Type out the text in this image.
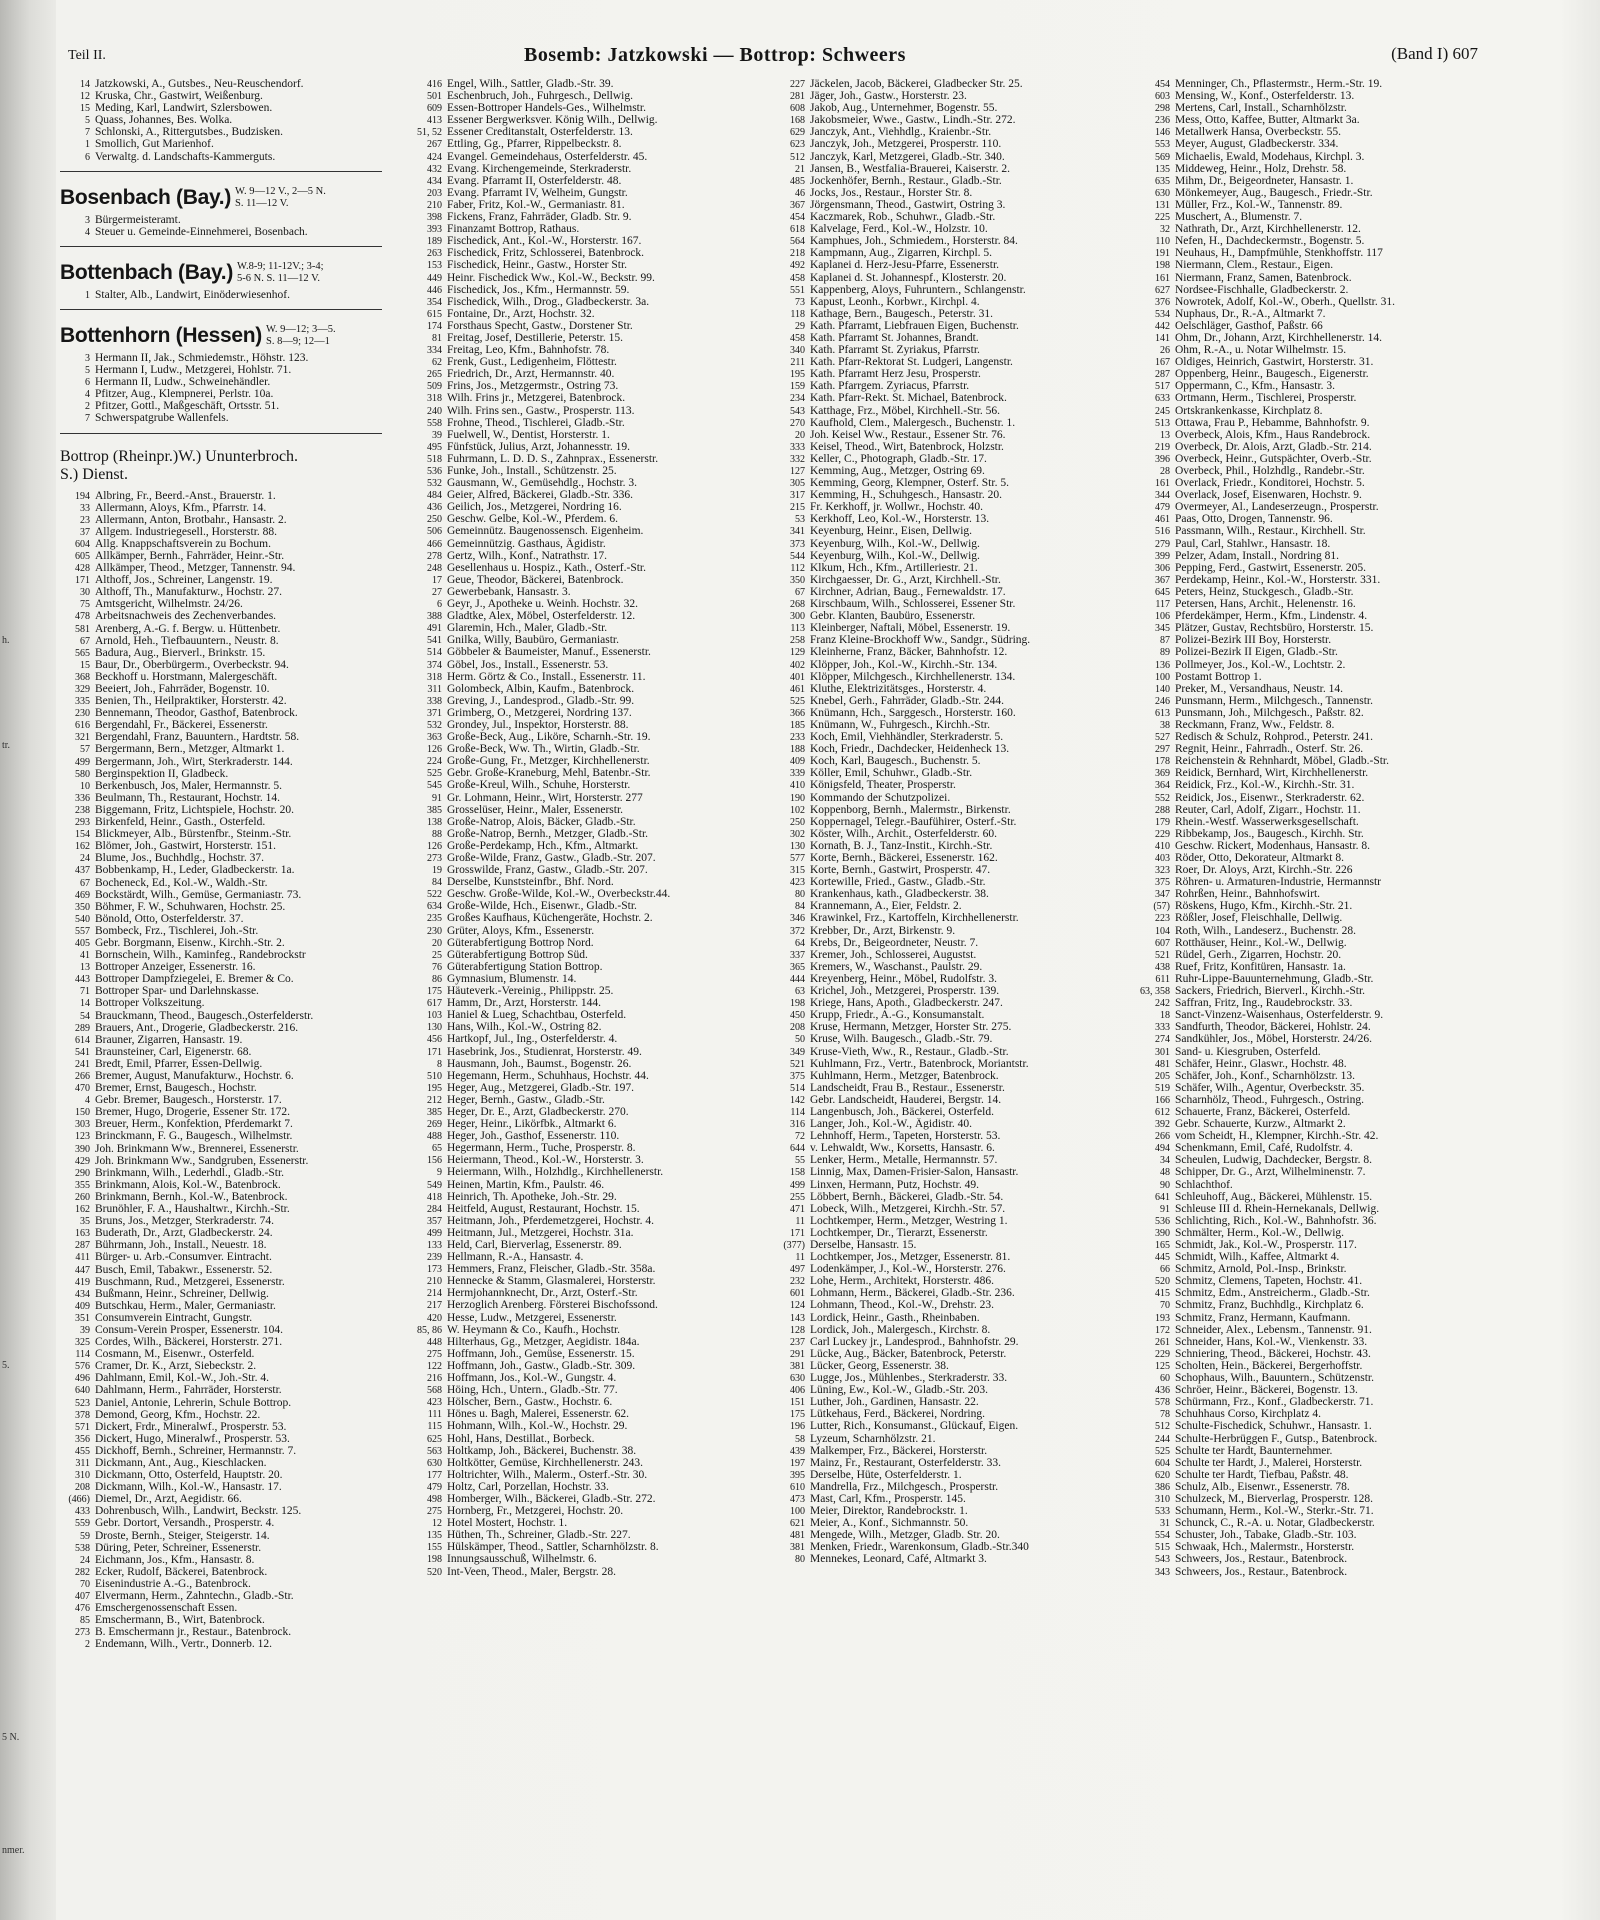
h.
tr.
5.
5 N.
nmer.
Teil II.	Bosemb: Jatzkowski — Bottrop: Schweers	(Band I) 607
14 Jatzkowski, A., Gutsbes., Neu-Reuschendorf.
12 Kruska, Chr., Gastwirt, Weißenburg.
15 Meding, Karl, Landwirt, Szlersbowen.
5 Quass, Johannes, Bes. Wolka.
7 Schlonski, A., Rittergutsbes., Budzisken.
1 Smollich, Gut Marienhof.
6 Verwaltg. d. Landschafts-Kammerguts.
Bosenbach (Bay.) W. 9—12 V., 2—5 N.
S. 11—12 V.
3 Bürgermeisteramt.
4 Steuer u. Gemeinde-Einnehmerei, Bosenbach.
Bottenbach (Bay.) W.8-9; 11-12V.; 3-4;
5-6 N. S. 11—12 V.
1 Stalter, Alb., Landwirt, Einöderwiesenhof.
Bottenhorn (Hessen) W. 9—12; 3—5.
S. 8—9; 12—1
3 Hermann II, Jak., Schmiedemstr., Höhstr. 123.
5 Hermann I, Ludw., Metzgerei, Hohlstr. 71.
6 Hermann II, Ludw., Schweinehändler.
4 Pfitzer, Aug., Klempnerei, Perlstr. 10a.
2 Pfitzer, Gottl., Maßgeschäft, Ortsstr. 51.
7 Schwerspatgrube Wallenfels.
Bottrop (Rheinpr.)W.) Ununterbroch.
S.) Dienst.
194 Albring, Fr., Beerd.-Anst., Brauerstr. 1.
33 Allermann, Aloys, Kfm., Pfarrstr. 14.
23 Allermann, Anton, Brotbahr., Hansastr. 2.
37 Allgem. Industriegesell., Horsterstr. 88.
604 Allg. Knappschaftsverein zu Bochum.
605 Allkämper, Bernh., Fahrräder, Heinr.-Str.
428 Allkämper, Theod., Metzger, Tannenstr. 94.
171 Althoff, Jos., Schreiner, Langenstr. 19.
30 Althoff, Th., Manufakturw., Hochstr. 27.
75 Amtsgericht, Wilhelmstr. 24/26.
478 Arbeitsnachweis des Zechenverbandes.
581 Arenberg, A.-G. f. Bergw. u. Hüttenbetr.
67 Arnold, Heh., Tiefbauuntern., Neustr. 8.
565 Badura, Aug., Bierverl., Brinkstr. 15.
15 Baur, Dr., Oberbürgerm., Overbeckstr. 94.
368 Beckhoff u. Horstmann, Malergeschäft.
329 Beeiert, Joh., Fahrräder, Bogenstr. 10.
335 Benien, Th., Heilpraktiker, Horsterstr. 42.
230 Bennemann, Theodor, Gasthof, Batenbrock.
616 Bergendahl, Fr., Bäckerei, Essenerstr.
321 Bergendahl, Franz, Bauuntern., Hardtstr. 58.
57 Bergermann, Bern., Metzger, Altmarkt 1.
499 Bergermann, Joh., Wirt, Sterkraderstr. 144.
580 Berginspektion II, Gladbeck.
10 Berkenbusch, Jos, Maler, Hermannstr. 5.
336 Beulmann, Th., Restaurant, Hochstr. 14.
238 Biggemann, Fritz, Lichtspiele, Hochstr. 20.
293 Birkenfeld, Heinr., Gasth., Osterfeld.
154 Blickmeyer, Alb., Bürstenfbr., Steinm.-Str.
162 Blömer, Joh., Gastwirt, Horsterstr. 151.
24 Blume, Jos., Buchhdlg., Hochstr. 37.
437 Bobbenkamp, H., Leder, Gladbeckerstr. 1a.
67 Bocheneck, Ed., Kol.-W., Waldh.-Str.
469 Bockstärdt, Wilh., Gemüse, Germaniastr. 73.
350 Böhmer, F. W., Schuhwaren, Hochstr. 25.
540 Bönold, Otto, Osterfelderstr. 37.
557 Bombeck, Frz., Tischlerei, Joh.-Str.
405 Gebr. Borgmann, Eisenw., Kirchh.-Str. 2.
41 Bornschein, Wilh., Kaminfeg., Randebrockstr
13 Bottroper Anzeiger, Essenerstr. 16.
443 Bottroper Dampfziegelei, E. Bremer & Co.
71 Bottroper Spar- und Darlehnskasse.
14 Bottroper Volkszeitung.
54 Brauckmann, Theod., Baugesch.,Osterfelderstr.
289 Brauers, Ant., Drogerie, Gladbeckerstr. 216.
614 Brauner, Zigarren, Hansastr. 19.
541 Braunsteiner, Carl, Eigenerstr. 68.
241 Bredt, Emil, Pfarrer, Essen-Dellwig.
266 Bremer, August, Manufakturw., Hochstr. 6.
470 Bremer, Ernst, Baugesch., Hochstr.
4 Gebr. Bremer, Baugesch., Horsterstr. 17.
150 Bremer, Hugo, Drogerie, Essener Str. 172.
303 Breuer, Herm., Konfektion, Pferdemarkt 7.
123 Brinckmann, F. G., Baugesch., Wilhelmstr.
390 Joh. Brinkmann Ww., Brennerei, Essenerstr.
429 Joh. Brinkmann Ww., Sandgruben, Essenerstr.
290 Brinkmann, Wilh., Lederhdl., Gladb.-Str.
355 Brinkmann, Alois, Kol.-W., Batenbrock.
260 Brinkmann, Bernh., Kol.-W., Batenbrock.
162 Brunöhler, F. A., Haushaltwr., Kirchh.-Str.
35 Bruns, Jos., Metzger, Sterkraderstr. 74.
163 Buderath, Dr., Arzt, Gladbeckerstr. 24.
287 Bührmann, Joh., Install., Neuestr. 18.
411 Bürger- u. Arb.-Consumver. Eintracht.
447 Busch, Emil, Tabakwr., Essenerstr. 52.
419 Buschmann, Rud., Metzgerei, Essenerstr.
434 Bußmann, Heinr., Schreiner, Dellwig.
409 Butschkau, Herm., Maler, Germaniastr.
351 Consumverein Eintracht, Gungstr.
39 Consum-Verein Prosper, Essenerstr. 104.
325 Cordes, Wilh., Bäckerei, Horsterstr. 271.
114 Cosmann, M., Eisenwr., Osterfeld.
576 Cramer, Dr. K., Arzt, Siebeckstr. 2.
496 Dahlmann, Emil, Kol.-W., Joh.-Str. 4.
640 Dahlmann, Herm., Fahrräder, Horsterstr.
523 Daniel, Antonie, Lehrerin, Schule Bottrop.
378 Demond, Georg, Kfm., Hochstr. 22.
571 Dickert, Frdr., Mineralwf., Prosperstr. 53.
356 Dickert, Hugo, Mineralwf., Prosperstr. 53.
455 Dickhoff, Bernh., Schreiner, Hermannstr. 7.
311 Dickmann, Ant., Aug., Kieschlacken.
310 Dickmann, Otto, Osterfeld, Hauptstr. 20.
208 Dickmann, Wilh., Kol.-W., Hansastr. 17.
(466) Diemel, Dr., Arzt, Aegidistr. 66.
433 Dohrenbusch, Wilh., Landwirt, Beckstr. 125.
559 Gebr. Dortort, Versandh., Prosperstr. 4.
59 Droste, Bernh., Steiger, Steigerstr. 14.
538 Düring, Peter, Schreiner, Essenerstr.
24 Eichmann, Jos., Kfm., Hansastr. 8.
282 Ecker, Rudolf, Bäckerei, Batenbrock.
70 Eisenindustrie A.-G., Batenbrock.
407 Elvermann, Herm., Zahntechn., Gladb.-Str.
476 Emschergenossenschaft Essen.
85 Emschermann, B., Wirt, Batenbrock.
273 B. Emschermann jr., Restaur., Batenbrock.
2 Endemann, Wilh., Vertr., Donnerb. 12.
416 Engel, Wilh., Sattler, Gladb.-Str. 39.
501 Eschenbruch, Joh., Fuhrgesch., Dellwig.
609 Essen-Bottroper Handels-Ges., Wilhelmstr.
413 Essener Bergwerksver. König Wilh., Dellwig.
51, 52 Essener Creditanstalt, Osterfelderstr. 13.
267 Ettling, Gg., Pfarrer, Rippelbeckstr. 8.
424 Evangel. Gemeindehaus, Osterfelderstr. 45.
432 Evang. Kirchengemeinde, Sterkraderstr.
434 Evang. Pfarramt II, Osterfelderstr. 48.
203 Evang. Pfarramt IV, Welheim, Gungstr.
210 Faber, Fritz, Kol.-W., Germaniastr. 81.
398 Fickens, Franz, Fahrräder, Gladb. Str. 9.
393 Finanzamt Bottrop, Rathaus.
189 Fischedick, Ant., Kol.-W., Horsterstr. 167.
263 Fischedick, Fritz, Schlosserei, Batenbrock.
153 Fischedick, Heinr., Gastw., Horster Str.
449 Heinr. Fischedick Ww., Kol.-W., Beckstr. 99.
446 Fischedick, Jos., Kfm., Hermannstr. 59.
354 Fischedick, Wilh., Drog., Gladbeckerstr. 3a.
615 Fontaine, Dr., Arzt, Hochstr. 32.
174 Forsthaus Specht, Gastw., Dorstener Str.
81 Freitag, Josef, Destillerie, Peterstr. 15.
334 Freitag, Leo, Kfm., Bahnhofstr. 78.
62 Frenk, Gust., Ledigenheim, Flöttestr.
265 Friedrich, Dr., Arzt, Hermannstr. 40.
509 Frins, Jos., Metzgermstr., Ostring 73.
318 Wilh. Frins jr., Metzgerei, Batenbrock.
240 Wilh. Frins sen., Gastw., Prosperstr. 113.
558 Frohne, Theod., Tischlerei, Gladb.-Str.
39 Fuelwell, W., Dentist, Horsterstr. 1.
495 Fünfstück, Julius, Arzt, Johannesstr. 19.
518 Fuhrmann, L. D. D. S., Zahnprax., Essenerstr.
536 Funke, Joh., Install., Schützenstr. 25.
532 Gausmann, W., Gemüsehdlg., Hochstr. 3.
484 Geier, Alfred, Bäckerei, Gladb.-Str. 336.
436 Geilich, Jos., Metzgerei, Nordring 16.
250 Geschw. Gelbe, Kol.-W., Pferdem. 6.
506 Gemeinnütz. Baugenossensch. Eigenheim.
466 Gemeinnützig. Gasthaus, Ägidistr.
278 Gertz, Wilh., Konf., Natrathstr. 17.
248 Gesellenhaus u. Hospiz., Kath., Osterf.-Str.
17 Geue, Theodor, Bäckerei, Batenbrock.
27 Gewerbebank, Hansastr. 3.
6 Geyr, J., Apotheke u. Weinh. Hochstr. 32.
388 Gladtke, Alex, Möbel, Osterfelderstr. 12.
491 Glaremin, Hch., Maler, Gladb.-Str.
541 Gnilka, Willy, Baubüro, Germaniastr.
514 Göbbeler & Baumeister, Manuf., Essenerstr.
374 Göbel, Jos., Install., Essenerstr. 53.
318 Herm. Görtz & Co., Install., Essenerstr. 11.
311 Golombeck, Albin, Kaufm., Batenbrock.
338 Greving, J., Landesprod., Gladb.-Str. 99.
371 Grimberg, O., Metzgerei, Nordring 137.
532 Grondey, Jul., Inspektor, Horsterstr. 88.
363 Große-Beck, Aug., Liköre, Scharnh.-Str. 19.
126 Große-Beck, Ww. Th., Wirtin, Gladb.-Str.
224 Große-Gung, Fr., Metzger, Kirchhellenerstr.
525 Gebr. Große-Kraneburg, Mehl, Batenbr.-Str.
545 Große-Kreul, Wilh., Schuhe, Horsterstr.
91 Gr. Lohmann, Heinr., Wirt, Horsterstr. 277
385 Grosselüser, Heinr., Maler, Essenerstr.
138 Große-Natrop, Alois, Bäcker, Gladb.-Str.
88 Große-Natrop, Bernh., Metzger, Gladb.-Str.
126 Große-Perdekamp, Hch., Kfm., Altmarkt.
273 Große-Wilde, Franz, Gastw., Gladb.-Str. 207.
19 Grosswilde, Franz, Gastw., Gladb.-Str. 207.
84 Derselbe, Kunststeinfbr., Bhf. Nord.
522 Geschw. Große-Wilde, Kol.-W., Overbeckstr.44.
634 Große-Wilde, Hch., Eisenwr., Gladb.-Str.
235 Großes Kaufhaus, Küchengeräte, Hochstr. 2.
230 Grüter, Aloys, Kfm., Essenerstr.
20 Güterabfertigung Bottrop Nord.
25 Güterabfertigung Bottrop Süd.
76 Güterabfertigung Station Bottrop.
86 Gymnasium, Blumenstr. 14.
175 Häuteverk.-Vereinig., Philippstr. 25.
617 Hamm, Dr., Arzt, Horsterstr. 144.
103 Haniel & Lueg, Schachtbau, Osterfeld.
130 Hans, Wilh., Kol.-W., Ostring 82.
456 Hartkopf, Jul., Ing., Osterfelderstr. 4.
171 Hasebrink, Jos., Studienrat, Horsterstr. 49.
8 Hausmann, Joh., Baumst., Bogenstr. 26.
510 Hegemann, Herm., Schuhhaus, Hochstr. 44.
195 Heger, Aug., Metzgerei, Gladb.-Str. 197.
212 Heger, Bernh., Gastw., Gladb.-Str.
385 Heger, Dr. E., Arzt, Gladbeckerstr. 270.
269 Heger, Heinr., Likörfbk., Altmarkt 6.
488 Heger, Joh., Gasthof, Essenerstr. 110.
65 Hegermann, Herm., Tuche, Prosperstr. 8.
156 Heiermann, Theod., Kol.-W., Horsterstr. 3.
9 Heiermann, Wilh., Holzhdlg., Kirchhellenerstr.
549 Heinen, Martin, Kfm., Paulstr. 46.
418 Heinrich, Th. Apotheke, Joh.-Str. 29.
284 Heitfeld, August, Restaurant, Hochstr. 15.
357 Heitmann, Joh., Pferdemetzgerei, Hochstr. 4.
499 Heitmann, Jul., Metzgerei, Hochstr. 31a.
133 Held, Carl, Bierverlag, Essenerstr. 89.
239 Hellmann, R.-A., Hansastr. 4.
173 Hemmers, Franz, Fleischer, Gladb.-Str. 358a.
210 Hennecke & Stamm, Glasmalerei, Horsterstr.
214 Hermjohannknecht, Dr., Arzt, Osterf.-Str.
217 Herzoglich Arenberg. Försterei Bischofssond.
420 Hesse, Ludw., Metzgerei, Essenerstr.
85, 86 W. Heymann & Co., Kaufh., Hochstr.
448 Hilterhaus, Gg., Metzger, Aegidistr. 184a.
275 Hoffmann, Joh., Gemüse, Essenerstr. 15.
122 Hoffmann, Joh., Gastw., Gladb.-Str. 309.
216 Hoffmann, Jos., Kol.-W., Gungstr. 4.
568 Höing, Hch., Untern., Gladb.-Str. 77.
423 Hölscher, Bern., Gastw., Hochstr. 6.
111 Hönes u. Bagh, Malerei, Essenerstr. 62.
115 Hohmann, Wilh., Kol.-W., Hochstr. 29.
625 Hohl, Hans, Destillat., Borbeck.
563 Holtkamp, Joh., Bäckerei, Buchenstr. 38.
630 Holtkötter, Gemüse, Kirchhellenerstr. 243.
177 Holtrichter, Wilh., Malerm., Osterf.-Str. 30.
479 Holtz, Carl, Porzellan, Hochstr. 33.
498 Homberger, Wilh., Bäckerei, Gladb.-Str. 272.
275 Hornberg, Fr., Metzgerei, Hochstr. 20.
12 Hotel Mostert, Hochstr. 1.
135 Hüthen, Th., Schreiner, Gladb.-Str. 227.
155 Hülskämper, Theod., Sattler, Scharnhölzstr. 8.
198 Innungsausschuß, Wilhelmstr. 6.
520 Int-Veen, Theod., Maler, Bergstr. 28.
227 Jäckelen, Jacob, Bäckerei, Gladbecker Str. 25.
281 Jäger, Joh., Gastw., Horsterstr. 23.
608 Jakob, Aug., Unternehmer, Bogenstr. 55.
168 Jakobsmeier, Wwe., Gastw., Lindh.-Str. 272.
629 Janczyk, Ant., Viehhdlg., Kraienbr.-Str.
623 Janczyk, Joh., Metzgerei, Prosperstr. 110.
512 Janczyk, Karl, Metzgerei, Gladb.-Str. 340.
21 Jansen, B., Westfalia-Brauerei, Kaiserstr. 2.
485 Jockenhöfer, Bernh., Restaur., Gladb.-Str.
46 Jocks, Jos., Restaur., Horster Str. 8.
367 Jörgensmann, Theod., Gastwirt, Ostring 3.
454 Kaczmarek, Rob., Schuhwr., Gladb.-Str.
618 Kalvelage, Ferd., Kol.-W., Holzstr. 10.
564 Kamphues, Joh., Schmiedem., Horsterstr. 84.
218 Kampmann, Aug., Zigarren, Kirchpl. 5.
492 Kaplanei d. Herz-Jesu-Pfarre, Essenerstr.
458 Kaplanei d. St. Johannespf., Klosterstr. 20.
551 Kappenberg, Aloys, Fuhruntern., Schlangenstr.
73 Kapust, Leonh., Korbwr., Kirchpl. 4.
118 Kathage, Bern., Baugesch., Peterstr. 31.
29 Kath. Pfarramt, Liebfrauen Eigen, Buchenstr.
458 Kath. Pfarramt St. Johannes, Brandt.
340 Kath. Pfarramt St. Zyriakus, Pfarrstr.
211 Kath. Pfarr-Rektorat St. Ludgeri, Langenstr.
195 Kath. Pfarramt Herz Jesu, Prosperstr.
159 Kath. Pfarrgem. Zyriacus, Pfarrstr.
234 Kath. Pfarr-Rekt. St. Michael, Batenbrock.
543 Katthage, Frz., Möbel, Kirchhell.-Str. 56.
270 Kaufhold, Clem., Malergesch., Buchenstr. 1.
20 Joh. Keisel Ww., Restaur., Essener Str. 76.
333 Keisel, Theod., Wirt, Batenbrock, Holzstr.
332 Keller, C., Photograph, Gladb.-Str. 17.
127 Kemming, Aug., Metzger, Ostring 69.
305 Kemming, Georg, Klempner, Osterf. Str. 5.
317 Kemming, H., Schuhgesch., Hansastr. 20.
215 Fr. Kerkhoff, jr. Wollwr., Hochstr. 40.
53 Kerkhoff, Leo, Kol.-W., Horsterstr. 13.
341 Keyenburg, Heinr., Eisen, Dellwig.
373 Keyenburg, Wilh., Kol.-W., Dellwig.
544 Keyenburg, Wilh., Kol.-W., Dellwig.
112 Klkum, Hch., Kfm., Artilleriestr. 21.
350 Kirchgaesser, Dr. G., Arzt, Kirchhell.-Str.
67 Kirchner, Adrian, Baug., Fernewaldstr. 17.
268 Kirschbaum, Wilh., Schlosserei, Essener Str.
300 Gebr. Klanten, Baubüro, Essenerstr.
113 Kleinberger, Naftali, Möbel, Essenerstr. 19.
258 Franz Kleine-Brockhoff Ww., Sandgr., Südring.
129 Kleinherne, Franz, Bäcker, Bahnhofstr. 12.
402 Klöpper, Joh., Kol.-W., Kirchh.-Str. 134.
401 Klöpper, Milchgesch., Kirchhellenerstr. 134.
461 Kluthe, Elektrizitätsges., Horsterstr. 4.
525 Knebel, Gerh., Fahrräder, Gladb.-Str. 244.
366 Knümann, Hch., Sarggesch., Horsterstr. 160.
185 Knümann, W., Fuhrgesch., Kirchh.-Str.
233 Koch, Emil, Viehhändler, Sterkraderstr. 5.
188 Koch, Friedr., Dachdecker, Heidenheck 13.
409 Koch, Karl, Baugesch., Buchenstr. 5.
339 Köller, Emil, Schuhwr., Gladb.-Str.
410 Königsfeld, Theater, Prosperstr.
190 Kommando der Schutzpolizei.
102 Koppenborg, Bernh., Malermstr., Birkenstr.
250 Koppernagel, Telegr.-Baufühirer, Osterf.-Str.
302 Köster, Wilh., Archit., Osterfelderstr. 60.
130 Kornath, B. J., Tanz-Instit., Kirchh.-Str.
577 Korte, Bernh., Bäckerei, Essenerstr. 162.
315 Korte, Bernh., Gastwirt, Prosperstr. 47.
423 Kortewille, Fried., Gastw., Gladb.-Str.
80 Krankenhaus, kath., Gladbeckerstr. 38.
84 Krannemann, A., Eier, Feldstr. 2.
346 Krawinkel, Frz., Kartoffeln, Kirchhellenerstr.
372 Krebber, Dr., Arzt, Birkenstr. 9.
64 Krebs, Dr., Beigeordneter, Neustr. 7.
337 Kremer, Joh., Schlosserei, Augustst.
365 Kremers, W., Waschanst., Paulstr. 29.
444 Kreyenberg, Heinr., Möbel, Rudolfstr. 3.
63 Krichel, Joh., Metzgerei, Prosperstr. 139.
198 Kriege, Hans, Apoth., Gladbeckerstr. 247.
450 Krupp, Friedr., A.-G., Konsumanstalt.
208 Kruse, Hermann, Metzger, Horster Str. 275.
50 Kruse, Wilh. Baugesch., Gladb.-Str. 79.
349 Kruse-Vieth, Ww., R., Restaur., Gladb.-Str.
521 Kuhlmann, Frz., Vertr., Batenbrock, Moriantstr.
375 Kuhlmann, Herm., Metzger, Batenbrock.
514 Landscheidt, Frau B., Restaur., Essenerstr.
142 Gebr. Landscheidt, Hauderei, Bergstr. 14.
114 Langenbusch, Joh., Bäckerei, Osterfeld.
316 Langer, Joh., Kol.-W., Ägidistr. 40.
72 Lehnhoff, Herm., Tapeten, Horsterstr. 53.
644 v. Lehwaldt, Ww., Korsetts, Hansastr. 6.
55 Lenker, Herm., Metalle, Hermannstr. 57.
158 Linnig, Max, Damen-Frisier-Salon, Hansastr.
499 Linxen, Hermann, Putz, Hochstr. 49.
255 Löbbert, Bernh., Bäckerei, Gladb.-Str. 54.
471 Lobeck, Wilh., Metzgerei, Kirchh.-Str. 57.
11 Lochtkemper, Herm., Metzger, Westring 1.
171 Lochtkemper, Dr., Tierarzt, Essenerstr.
(377) Derselbe, Hansastr. 15.
11 Lochtkemper, Jos., Metzger, Essenerstr. 81.
497 Lodenkämper, J., Kol.-W., Horsterstr. 276.
232 Lohe, Herm., Architekt, Horsterstr. 486.
601 Lohmann, Herm., Bäckerei, Gladb.-Str. 236.
124 Lohmann, Theod., Kol.-W., Drehstr. 23.
143 Lordick, Heinr., Gasth., Rheinbaben.
128 Lordick, Joh., Malergesch., Kirchstr. 8.
237 Carl Luckey jr., Landesprod., Bahnhofstr. 29.
291 Lücke, Aug., Bäcker, Batenbrock, Peterstr.
381 Lücker, Georg, Essenerstr. 38.
630 Lugge, Jos., Mühlenbes., Sterkraderstr. 33.
406 Lüning, Ew., Kol.-W., Gladb.-Str. 203.
151 Luther, Joh., Gardinen, Hansastr. 22.
175 Lütkehaus, Ferd., Bäckerei, Nordring.
196 Lutter, Rich., Konsumanst., Glückauf, Eigen.
58 Lyzeum, Scharnhölzstr. 21.
439 Malkemper, Frz., Bäckerei, Horsterstr.
197 Mainz, Fr., Restaurant, Osterfelderstr. 33.
395 Derselbe, Hüte, Osterfelderstr. 1.
610 Mandrella, Frz., Milchgesch., Prosperstr.
473 Mast, Carl, Kfm., Prosperstr. 145.
100 Meier, Direktor, Randebrockstr. 1.
621 Meier, A., Konf., Sichmannstr. 50.
481 Mengede, Wilh., Metzger, Gladb. Str. 20.
381 Menken, Friedr., Warenkonsum, Gladb.-Str.340
80 Mennekes, Leonard, Café, Altmarkt 3.
454 Menninger, Ch., Pflastermstr., Herm.-Str. 19.
603 Mensing, W., Konf., Osterfelderstr. 13.
298 Mertens, Carl, Install., Scharnhölzstr.
236 Mess, Otto, Kaffee, Butter, Altmarkt 3a.
146 Metallwerk Hansa, Overbeckstr. 55.
553 Meyer, August, Gladbeckerstr. 334.
569 Michaelis, Ewald, Modehaus, Kirchpl. 3.
135 Middeweg, Heinr., Holz, Drehstr. 58.
635 Mihm, Dr., Beigeordneter, Hansastr. 1.
630 Mönkemeyer, Aug., Baugesch., Friedr.-Str.
131 Müller, Frz., Kol.-W., Tannenstr. 89.
225 Muschert, A., Blumenstr. 7.
32 Nathrath, Dr., Arzt, Kirchhellenerstr. 12.
110 Nefen, H., Dachdeckermstr., Bogenstr. 5.
191 Neuhaus, H., Dampfmühle, Stenkhoffstr. 117
198 Niermann, Clem., Restaur., Eigen.
161 Niermann, Franz, Samen, Batenbrock.
627 Nordsee-Fischhalle, Gladbeckerstr. 2.
376 Nowrotek, Adolf, Kol.-W., Oberh., Quellstr. 31.
534 Nuphaus, Dr., R.-A., Altmarkt 7.
442 Oelschläger, Gasthof, Paßstr. 66
141 Ohm, Dr., Johann, Arzt, Kirchhellenerstr. 14.
26 Ohm, R.-A., u. Notar Wilhelmstr. 15.
167 Oldiges, Heinrich, Gastwirt, Horsterstr. 31.
287 Oppenberg, Heinr., Baugesch., Eigenerstr.
517 Oppermann, C., Kfm., Hansastr. 3.
633 Ortmann, Herm., Tischlerei, Prosperstr.
245 Ortskrankenkasse, Kirchplatz 8.
513 Ottawa, Frau P., Hebamme, Bahnhofstr. 9.
13 Overbeck, Alois, Kfm., Haus Randebrock.
219 Overbeck, Dr. Alois, Arzt, Gladb.-Str. 214.
396 Overbeck, Heinr., Gutspächter, Overb.-Str.
28 Overbeck, Phil., Holzhdlg., Randebr.-Str.
161 Overlack, Friedr., Konditorei, Hochstr. 5.
344 Overlack, Josef, Eisenwaren, Hochstr. 9.
479 Overmeyer, Al., Landeserzeugn., Prosperstr.
461 Paas, Otto, Drogen, Tannenstr. 96.
516 Passmann, Wilh., Restaur., Kirchhell. Str.
279 Paul, Carl, Stahlwr., Hansastr. 18.
399 Pelzer, Adam, Install., Nordring 81.
306 Pepping, Ferd., Gastwirt, Essenerstr. 205.
367 Perdekamp, Heinr., Kol.-W., Horsterstr. 331.
645 Peters, Heinz, Stuckgesch., Gladb.-Str.
117 Petersen, Hans, Archit., Helenenstr. 16.
106 Pferdekämper, Herm., Kfm., Lindenstr. 4.
345 Plätzer, Gustav, Rechtsbüro, Horsterstr. 15.
87 Polizei-Bezirk III Boy, Horsterstr.
89 Polizei-Bezirk II Eigen, Gladb.-Str.
136 Pollmeyer, Jos., Kol.-W., Lochtstr. 2.
100 Postamt Bottrop 1.
140 Preker, M., Versandhaus, Neustr. 14.
246 Punsmann, Herm., Milchgesch., Tannenstr.
613 Punsmann, Joh., Milchgesch., Paßstr. 82.
38 Reckmann, Franz, Ww., Feldstr. 8.
527 Redisch & Schulz, Rohprod., Peterstr. 241.
297 Regnit, Heinr., Fahrradh., Osterf. Str. 26.
178 Reichenstein & Rehnhardt, Möbel, Gladb.-Str.
369 Reidick, Bernhard, Wirt, Kirchhellenerstr.
364 Reidick, Frz., Kol.-W., Kirchh.-Str. 31.
552 Reidick, Jos., Eisenwr., Sterkraderstr. 62.
288 Reuter, Carl, Adolf, Zigarr., Hochstr. 11.
179 Rhein.-Westf. Wasserwerksgesellschaft.
229 Ribbekamp, Jos., Baugesch., Kirchh. Str.
410 Geschw. Rickert, Modenhaus, Hansastr. 8.
403 Röder, Otto, Dekorateur, Altmarkt 8.
323 Roer, Dr. Aloys, Arzt, Kirchh.-Str. 226
375 Röhren- u. Armaturen-Industrie, Hermannstr
347 Rohrßen, Heinr., Bahnhofswirt.
(57) Röskens, Hugo, Kfm., Kirchh.-Str. 21.
223 Rößler, Josef, Fleischhalle, Dellwig.
104 Roth, Wilh., Landeserz., Buchenstr. 28.
607 Rotthäuser, Heinr., Kol.-W., Dellwig.
521 Rüdel, Gerh., Zigarren, Hochstr. 20.
438 Ruef, Fritz, Konfitüren, Hansastr. 1a.
611 Ruhr-Lippe-Bauunternehmung, Gladb.-Str.
63, 358 Sackers, Friedrich, Bierverl., Kirchh.-Str.
242 Saffran, Fritz, Ing., Raudebrockstr. 33.
18 Sanct-Vinzenz-Waisenhaus, Osterfelderstr. 9.
333 Sandfurth, Theodor, Bäckerei, Hohlstr. 24.
274 Sandkühler, Jos., Möbel, Horsterstr. 24/26.
301 Sand- u. Kiesgruben, Osterfeld.
481 Schäfer, Heinr., Glaswr., Hochstr. 48.
205 Schäfer, Joh., Konf., Scharnhölzstr. 13.
519 Schäfer, Wilh., Agentur, Overbeckstr. 35.
166 Scharnhölz, Theod., Fuhrgesch., Ostring.
612 Schauerte, Franz, Bäckerei, Osterfeld.
392 Gebr. Schauerte, Kurzw., Altmarkt 2.
266 vom Scheidt, H., Klempner, Kirchh.-Str. 42.
494 Schenkmann, Emil, Café, Rudolfstr. 4.
34 Scheulen, Ludwig, Dachdecker, Bergstr. 8.
48 Schipper, Dr. G., Arzt, Wilhelminenstr. 7.
90 Schlachthof.
641 Schleuhoff, Aug., Bäckerei, Mühlenstr. 15.
91 Schleuse III d. Rhein-Hernekanals, Dellwig.
536 Schlichting, Rich., Kol.-W., Bahnhofstr. 36.
390 Schmälter, Herm., Kol.-W., Dellwig.
165 Schmidt, Jak., Kol.-W., Prosperstr. 117.
445 Schmidt, Wilh., Kaffee, Altmarkt 4.
66 Schmitz, Arnold, Pol.-Insp., Brinkstr.
520 Schmitz, Clemens, Tapeten, Hochstr. 41.
415 Schmitz, Edm., Anstreicherm., Gladb.-Str.
70 Schmitz, Franz, Buchhdlg., Kirchplatz 6.
193 Schmitz, Franz, Hermann, Kaufmann.
172 Schneider, Alex., Lebensm., Tannenstr. 91.
261 Schneider, Hans, Kol.-W., Vienkenstr. 33.
229 Schniering, Theod., Bäckerei, Hochstr. 43.
125 Scholten, Hein., Bäckerei, Bergerhoffstr.
60 Schophaus, Wilh., Bauuntern., Schützenstr.
436 Schröer, Heinr., Bäckerei, Bogenstr. 13.
578 Schürmann, Frz., Konf., Gladbeckerstr. 71.
78 Schuhhaus Corso, Kirchplatz 4.
512 Schulte-Fischedick, Schuhwr., Hansastr. 1.
244 Schulte-Herbrüggen F., Gutsp., Batenbrock.
525 Schulte ter Hardt, Baunternehmer.
604 Schulte ter Hardt, J., Malerei, Horsterstr.
620 Schulte ter Hardt, Tiefbau, Paßstr. 48.
386 Schulz, Alb., Eisenwr., Essenerstr. 78.
310 Schulzeck, M., Bierverlag, Prosperstr. 128.
533 Schumann, Herm., Kol.-W., Sterkr.-Str. 71.
31 Schunck, C., R.-A. u. Notar, Gladbeckerstr.
554 Schuster, Joh., Tabake, Gladb.-Str. 103.
515 Schwaak, Hch., Malermstr., Horsterstr.
543 Schweers, Jos., Restaur., Batenbrock.
343 Schweers, Jos., Restaur., Batenbrock.
